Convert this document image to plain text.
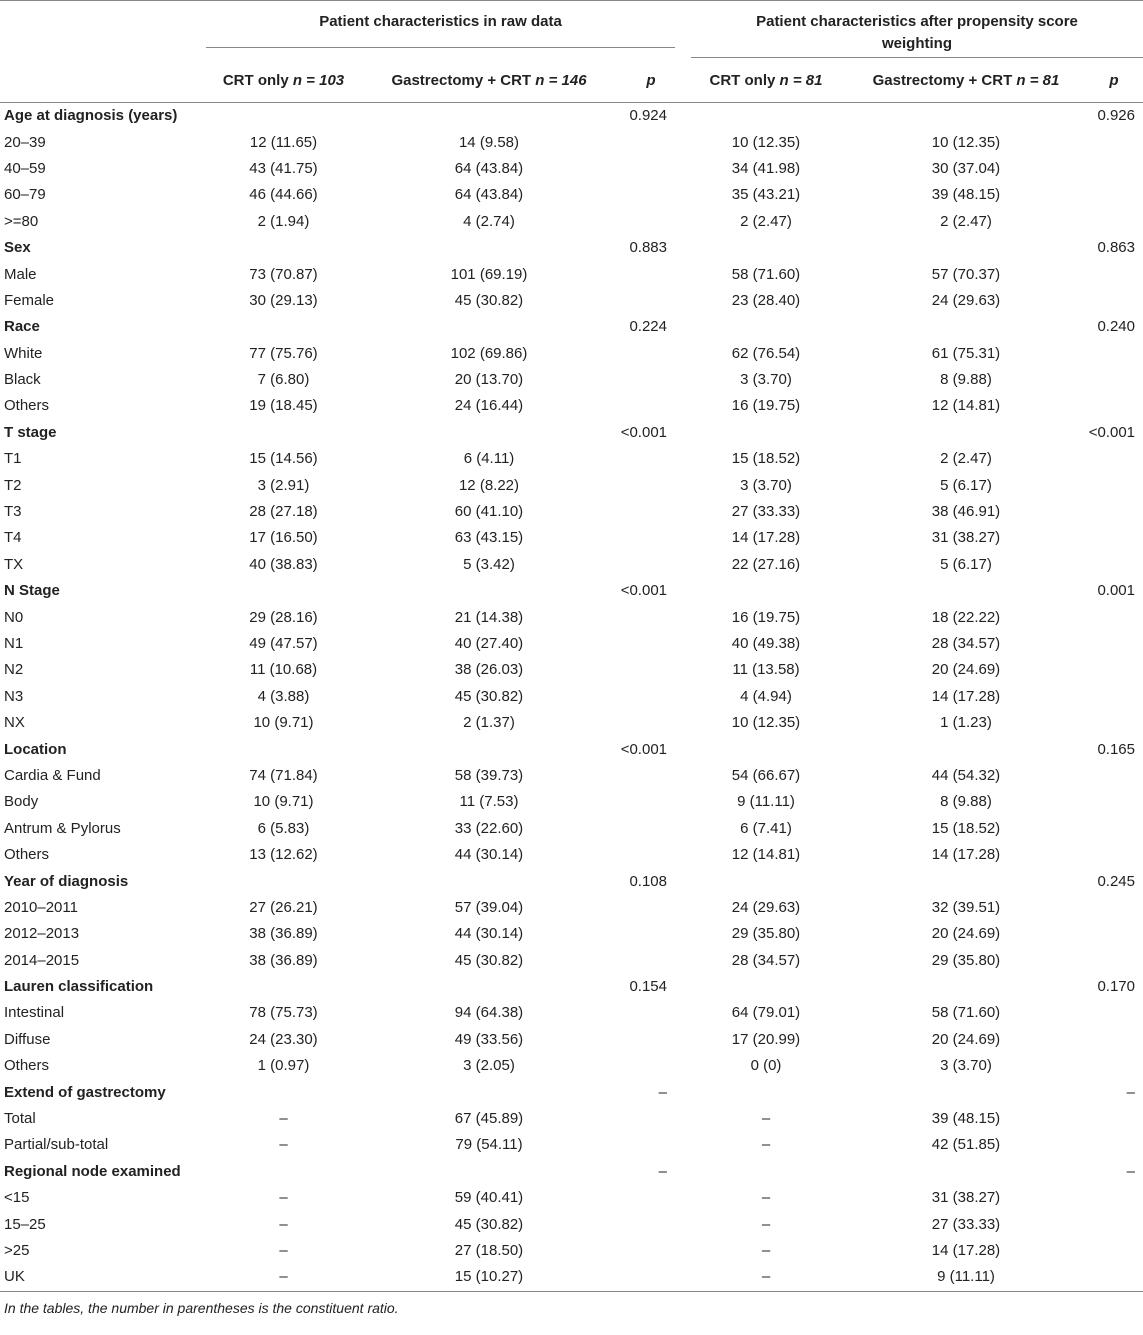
	Patient characteristics in raw data			Patient characteristics after propensity score weighting		

	CRT only n = 103	Gastrectomy + CRT n = 146	p	CRT only n = 81	Gastrectomy + CRT n = 81	p
Age at diagnosis (years)			0.924			0.926
20–39	12 (11.65)	14 (9.58)		10 (12.35)	10 (12.35)	
40–59	43 (41.75)	64 (43.84)		34 (41.98)	30 (37.04)	
60–79	46 (44.66)	64 (43.84)		35 (43.21)	39 (48.15)	
>=80	2 (1.94)	4 (2.74)		2 (2.47)	2 (2.47)	
Sex			0.883			0.863
Male	73 (70.87)	101 (69.19)		58 (71.60)	57 (70.37)	
Female	30 (29.13)	45 (30.82)		23 (28.40)	24 (29.63)	
Race			0.224			0.240
White	77 (75.76)	102 (69.86)		62 (76.54)	61 (75.31)	
Black	7 (6.80)	20 (13.70)		3 (3.70)	8 (9.88)	
Others	19 (18.45)	24 (16.44)		16 (19.75)	12 (14.81)	
T stage			<0.001			<0.001
T1	15 (14.56)	6 (4.11)		15 (18.52)	2 (2.47)	
T2	3 (2.91)	12 (8.22)		3 (3.70)	5 (6.17)	
T3	28 (27.18)	60 (41.10)		27 (33.33)	38 (46.91)	
T4	17 (16.50)	63 (43.15)		14 (17.28)	31 (38.27)	
TX	40 (38.83)	5 (3.42)		22 (27.16)	5 (6.17)	
N Stage			<0.001			0.001
N0	29 (28.16)	21 (14.38)		16 (19.75)	18 (22.22)	
N1	49 (47.57)	40 (27.40)		40 (49.38)	28 (34.57)	
N2	11 (10.68)	38 (26.03)		11 (13.58)	20 (24.69)	
N3	4 (3.88)	45 (30.82)		4 (4.94)	14 (17.28)	
NX	10 (9.71)	2 (1.37)		10 (12.35)	1 (1.23)	
Location			<0.001			0.165
Cardia & Fund	74 (71.84)	58 (39.73)		54 (66.67)	44 (54.32)	
Body	10 (9.71)	11 (7.53)		9 (11.11)	8 (9.88)	
Antrum & Pylorus	6 (5.83)	33 (22.60)		6 (7.41)	15 (18.52)	
Others	13 (12.62)	44 (30.14)		12 (14.81)	14 (17.28)	
Year of diagnosis			0.108			0.245
2010–2011	27 (26.21)	57 (39.04)		24 (29.63)	32 (39.51)	
2012–2013	38 (36.89)	44 (30.14)		29 (35.80)	20 (24.69)	
2014–2015	38 (36.89)	45 (30.82)		28 (34.57)	29 (35.80)	
Lauren classification			0.154			0.170
Intestinal	78 (75.73)	94 (64.38)		64 (79.01)	58 (71.60)	
Diffuse	24 (23.30)	49 (33.56)		17 (20.99)	20 (24.69)	
Others	1 (0.97)	3 (2.05)		0 (0)	3 (3.70)	
Extend of gastrectomy			–			–
Total	–	67 (45.89)		–	39 (48.15)	
Partial/sub-total	–	79 (54.11)		–	42 (51.85)	
Regional node examined			–			–
<15	–	59 (40.41)		–	31 (38.27)	
15–25	–	45 (30.82)		–	27 (33.33)	
>25	–	27 (18.50)		–	14 (17.28)	
UK	–	15 (10.27)		–	9 (11.11)	

In the tables, the number in parentheses is the constituent ratio.
